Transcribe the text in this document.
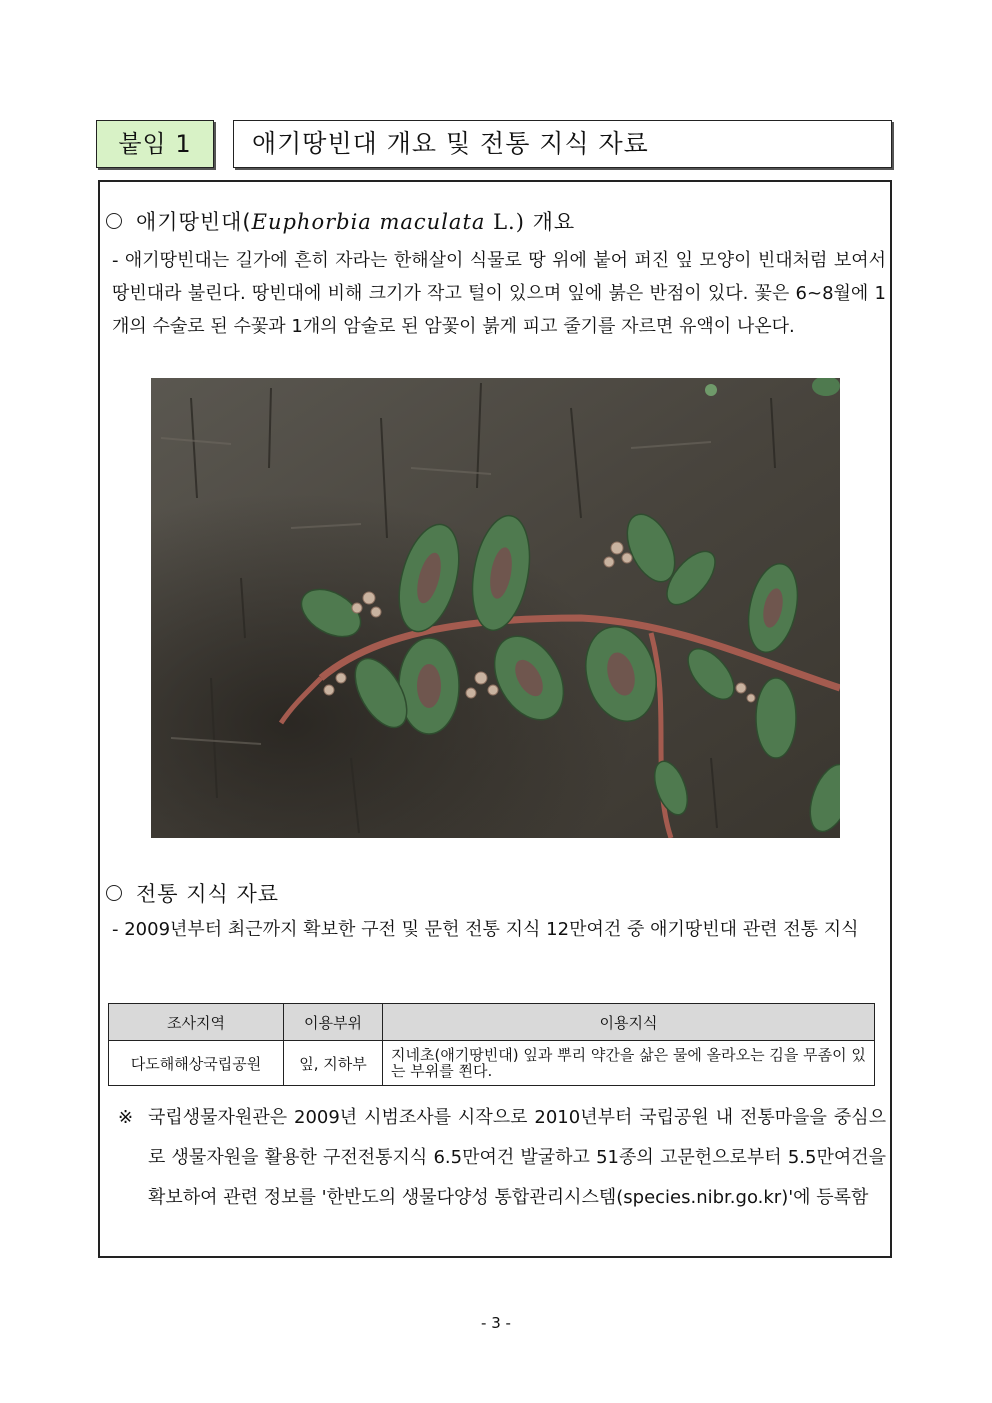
붙임 1	애기땅빈대 개요 및 전통 지식 자료
애기땅빈대(Euphorbia maculata L.) 개요
- 애기땅빈대는 길가에 흔히 자라는 한해살이 식물로 땅 위에 붙어 퍼진 잎 모양이 빈대처럼 보여서 땅빈대라 불린다. 땅빈대에 비해 크기가 작고 털이 있으며 잎에 붉은 반점이 있다. 꽃은 6~8월에 1개의 수술로 된 수꽃과 1개의 암술로 된 암꽃이 붉게 피고 줄기를 자르면 유액이 나온다.
전통 지식 자료
- 2009년부터 최근까지 확보한 구전 및 문헌 전통 지식 12만여건 중 애기땅빈대 관련 전통 지식
조사지역	이용부위	이용지식
다도해해상국립공원	잎, 지하부	지네초(애기땅빈대) 잎과 뿌리 약간을 삶은 물에 올라오는 김을 무좀이 있는 부위를 쬔다.
※ 국립생물자원관은 2009년 시범조사를 시작으로 2010년부터 국립공원 내 전통마을을 중심으로 생물자원을 활용한 구전전통지식 6.5만여건 발굴하고 51종의 고문헌으로부터 5.5만여건을 확보하여 관련 정보를 '한반도의 생물다양성 통합관리시스템(species.nibr.go.kr)'에 등록함
- 3 -
